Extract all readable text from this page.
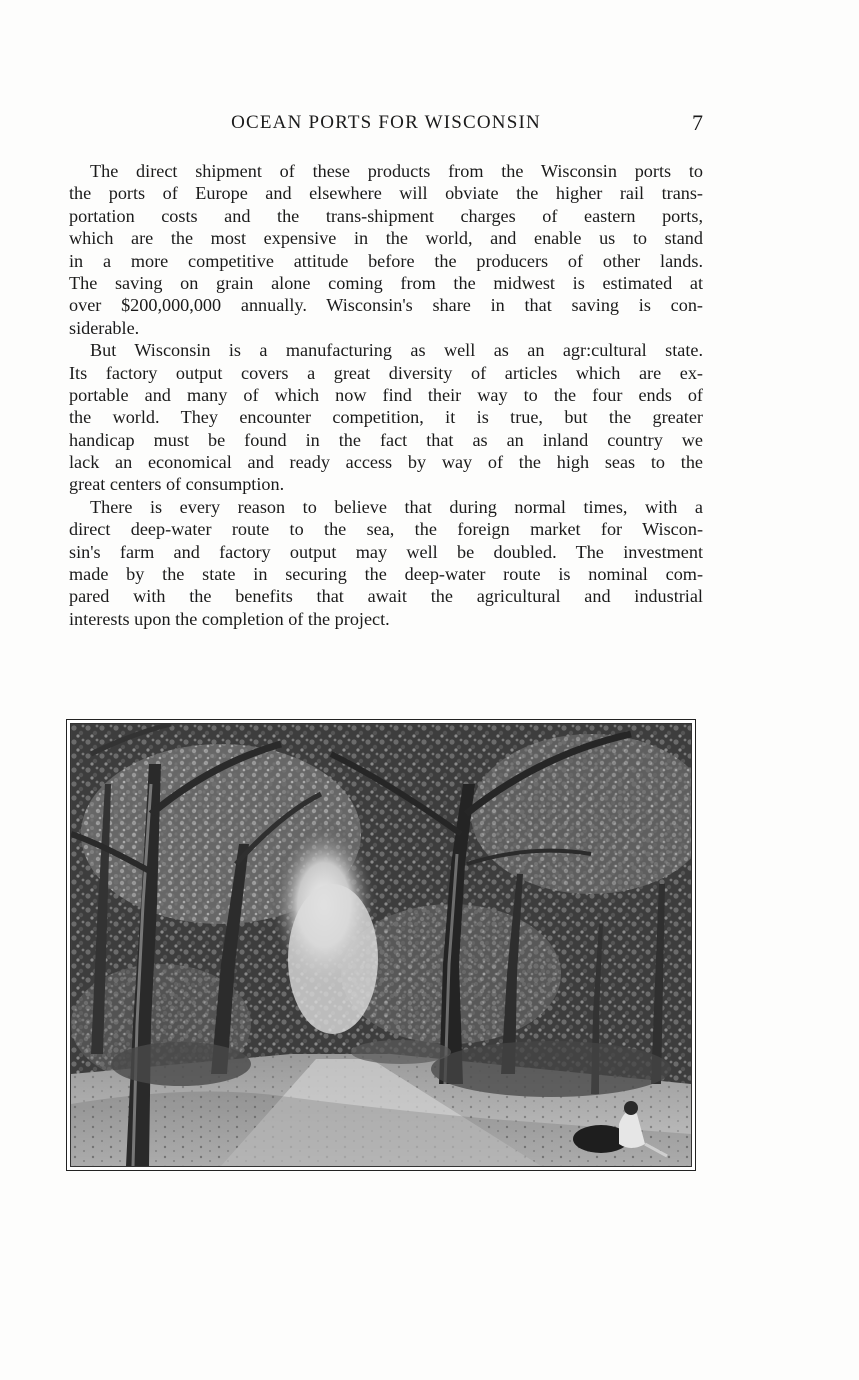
OCEAN PORTS FOR WISCONSIN	7

The direct shipment of these products from the Wisconsin ports to
the ports of Europe and elsewhere will obviate the higher rail trans-
portation costs and the trans-shipment charges of eastern ports,
which are the most expensive in the world, and enable us to stand
in a more competitive attitude before the producers of other lands.
The saving on grain alone coming from the midwest is estimated at
over $200,000,000 annually. Wisconsin's share in that saving is con-
siderable.

But Wisconsin is a manufacturing as well as an agr:cultural state.
Its factory output covers a great diversity of articles which are ex-
portable and many of which now find their way to the four ends of
the world. They encounter competition, it is true, but the greater
handicap must be found in the fact that as an inland country we
lack an economical and ready access by way of the high seas to the
great centers of consumption.

There is every reason to believe that during normal times, with a
direct deep-water route to the sea, the foreign market for Wiscon-
sin's farm and factory output may well be doubled. The investment
made by the state in securing the deep-water route is nominal com-
pared with the benefits that await the agricultural and industrial
interests upon the completion of the project.
